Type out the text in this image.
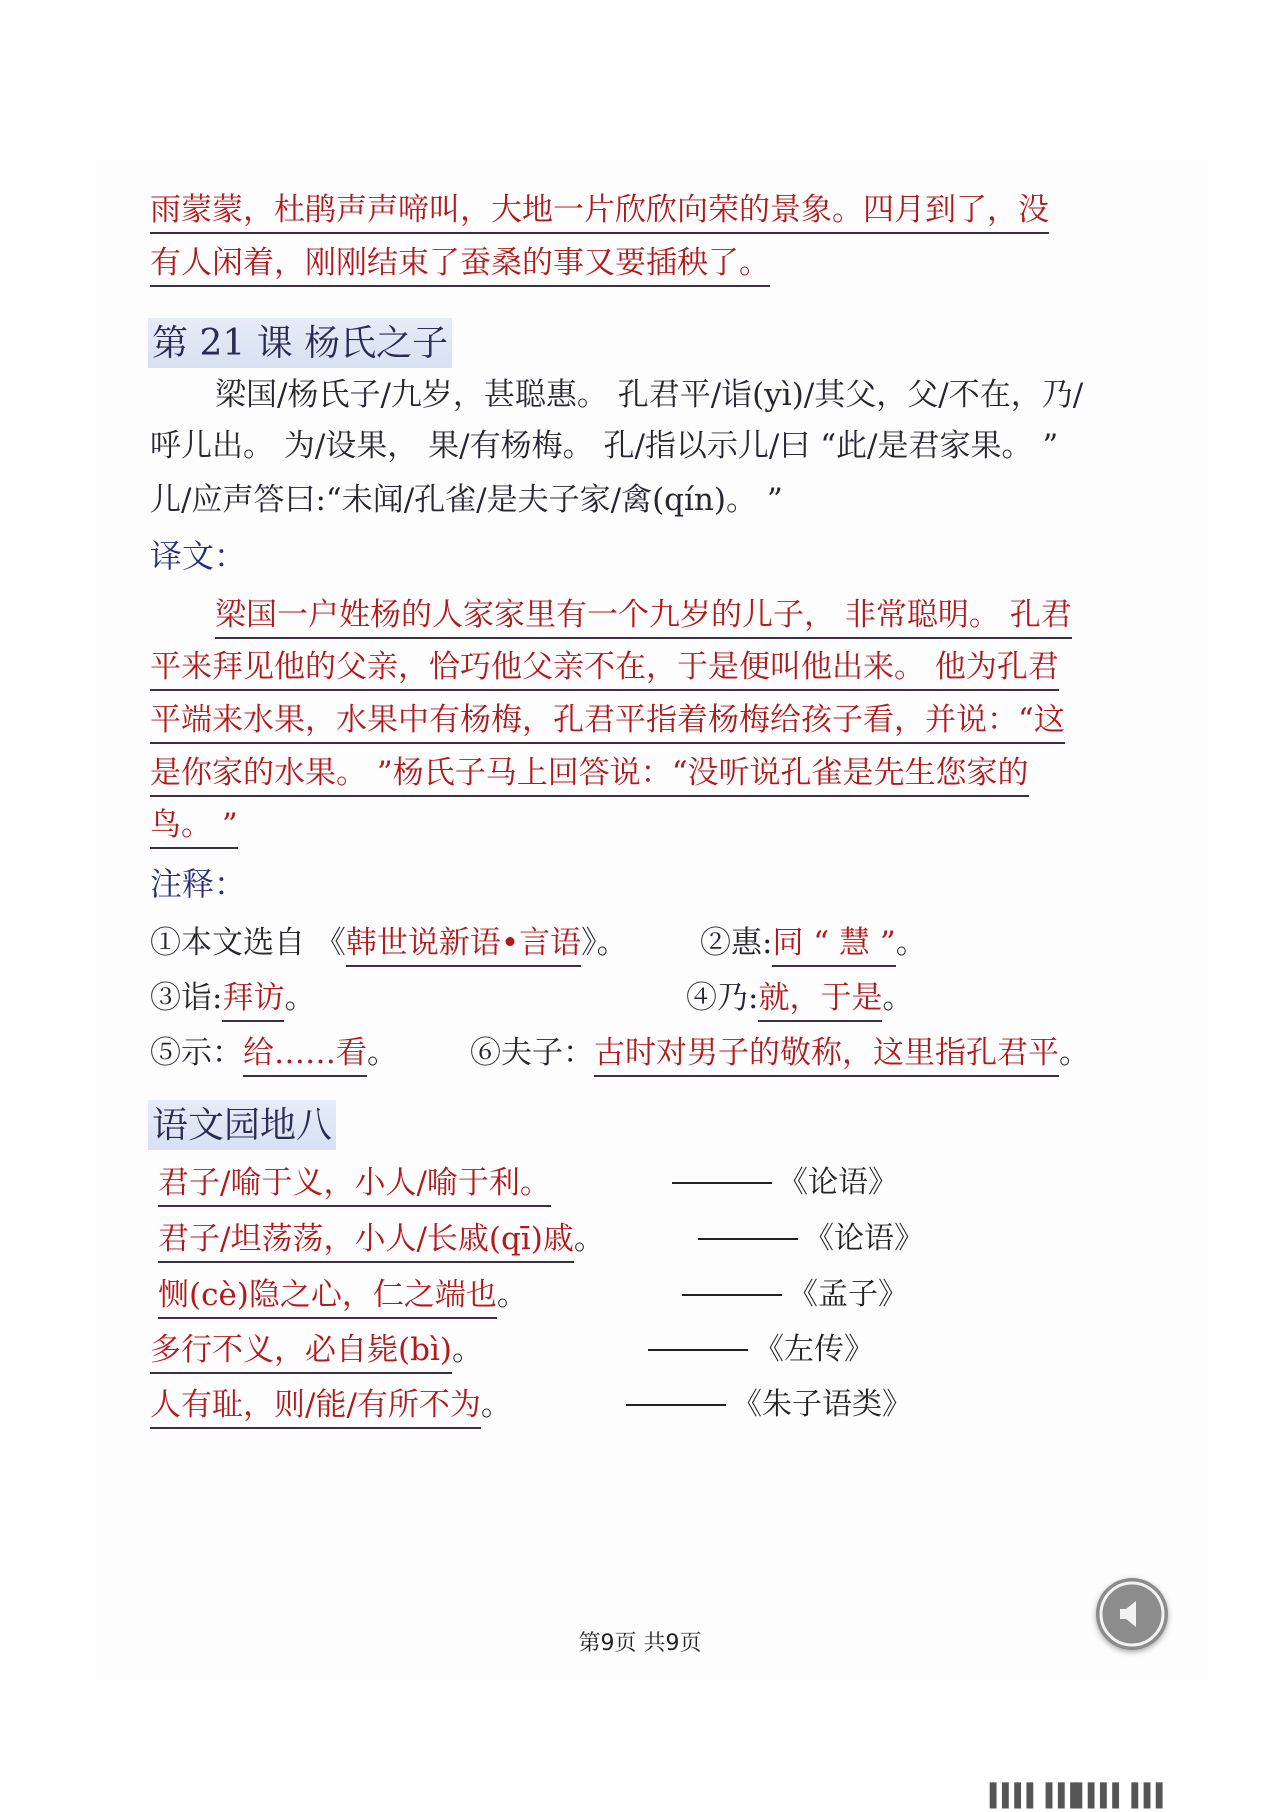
雨蒙蒙，杜鹃声声啼叫，大地一片欣欣向荣的景象。四月到了，没
有人闲着，刚刚结束了蚕桑的事又要插秧了。
第 21 课 杨氏之子
梁国/杨氏子/九岁，甚聪惠。 孔君平/诣(yì)/其父，父/不在，乃/
呼儿出。 为/设果， 果/有杨梅。 孔/指以示儿/曰 “此/是君家果。 ”
儿/应声答曰:“未闻/孔雀/是夫子家/禽(qín)。 ”
译文：
梁国一户姓杨的人家家里有一个九岁的儿子， 非常聪明。 孔君
平来拜见他的父亲，恰巧他父亲不在，于是便叫他出来。 他为孔君
平端来水果，水果中有杨梅，孔君平指着杨梅给孩子看，并说：“这
是你家的水果。 ”杨氏子马上回答说：“没听说孔雀是先生您家的
鸟。 ”
注释：
①本文选自 《韩世说新语•言语》。 ②惠:同 “ 慧 ”。
③诣:拜访。	④乃:就，于是。
⑤示：给……看。 ⑥夫子：古时对男子的敬称，这里指孔君平。
语文园地八
君子/喻于义，小人/喻于利。	《论语》
君子/坦荡荡，小人/长戚(qī)戚。	《论语》
恻(cè)隐之心，仁之端也。	《孟子》
多行不义，必自毙(bì)。	《左传》
人有耻，则/能/有所不为。	《朱子语类》
第9页 共9页
▌▌▌▌▐▐▐▌▌▌▌▐▐▐
